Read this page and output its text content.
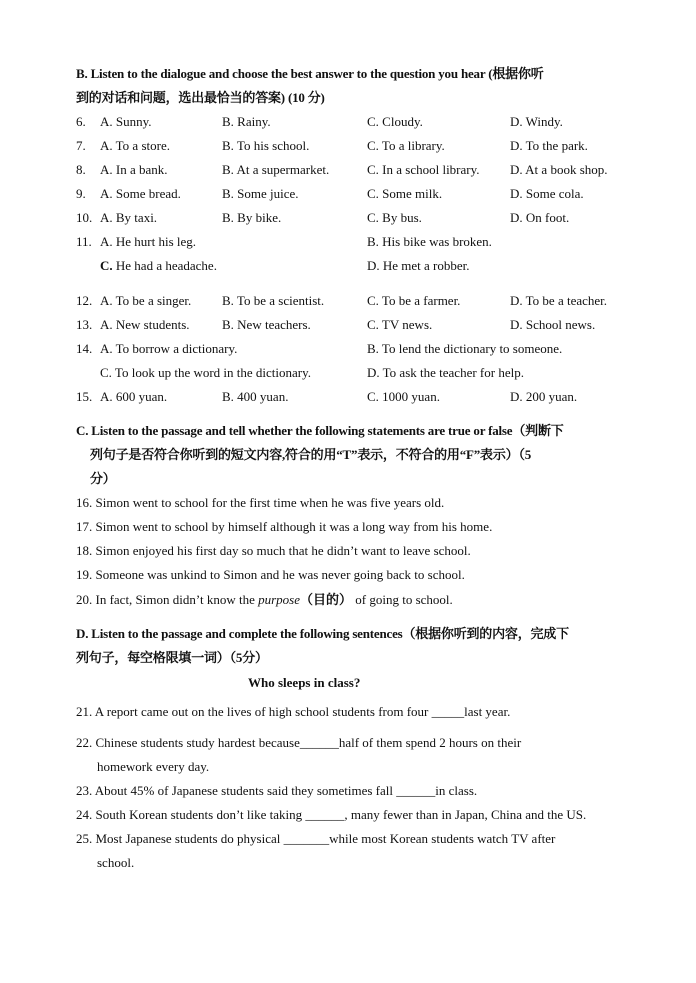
B. Listen to the dialogue and choose the best answer to the question you hear (根据你听
到的对话和问题，选出最恰当的答案) (10 分)
6. A. Sunny.	B. Rainy.	C. Cloudy.	D. Windy.
7. A. To a store.	B. To his school.	C. To a library.	D. To the park.
8. A. In a bank.	B. At a supermarket.	C. In a school library. D. At a book shop.
9. A. Some bread.	B. Some juice.	C. Some milk.	D. Some cola.
10. A. By taxi.	B. By bike.	C. By bus.	D. On foot.
11. A. He hurt his leg.	B. His bike was broken.
C. He had a headache.	D. He met a robber.
12. A. To be a singer. B. To be a scientist.	C. To be a farmer.	D. To be a teacher.
13. A. New students. B. New teachers.	C. TV news.	D. School news.
14. A. To borrow a dictionary.	B. To lend the dictionary to someone.
C. To look up the word in the dictionary.	D. To ask the teacher for help.
15. A. 600 yuan.	B. 400 yuan.	C. 1000 yuan.	D. 200 yuan.
C. Listen to the passage and tell whether the following statements are true or false（判断下
列句子是否符合你听到的短文内容,符合的用“T”表示，不符合的用“F”表示）（5
分）
16. Simon went to school for the first time when he was five years old.
17. Simon went to school by himself although it was a long way from his home.
18. Simon enjoyed his first day so much that he didn’t want to leave school.
19. Someone was unkind to Simon and he was never going back to school.
20. In fact, Simon didn’t know the purpose（目的） of going to school.
D. Listen to the passage and complete the following sentences（根据你听到的内容，完成下
列句子，每空格限填一词）（5分）
Who sleeps in class?
21. A report came out on the lives of high school students from four _____last year.
22. Chinese students study hardest because______half of them spend 2 hours on their
homework every day.
23. About 45% of Japanese students said they sometimes fall ______in class.
24. South Korean students don’t like taking ______, many fewer than in Japan, China and the US.
25. Most Japanese students do physical _______while most Korean students watch TV after
school.
